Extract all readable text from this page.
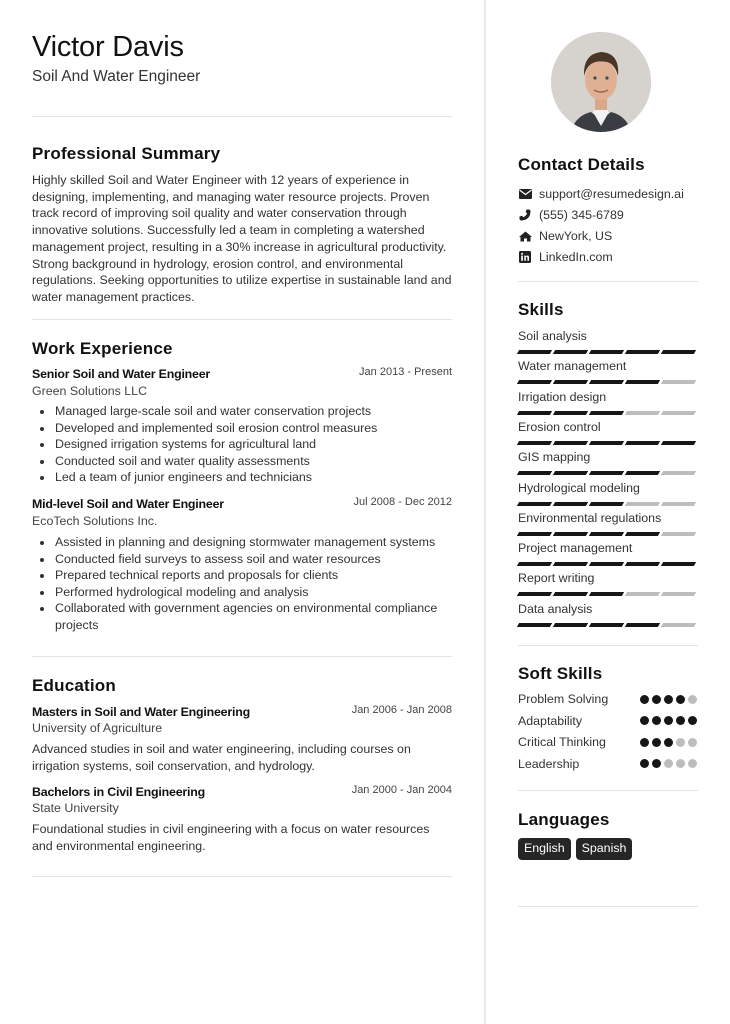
Victor Davis
Soil And Water Engineer
Professional Summary

Highly skilled Soil and Water Engineer with 12 years of experience in designing, implementing, and managing water resource projects. Proven track record of improving soil quality and water conservation through innovative solutions. Successfully led a team in completing a watershed management project, resulting in a 30% increase in agricultural productivity. Strong background in hydrology, erosion control, and environmental regulations. Seeking opportunities to utilize expertise in sustainable land and water management practices.

Work Experience
Senior Soil and Water Engineer	Jan 2013 - Present
Green Solutions LLC
Managed large-scale soil and water conservation projects
Developed and implemented soil erosion control measures
Designed irrigation systems for agricultural land
Conducted soil and water quality assessments
Led a team of junior engineers and technicians
Mid-level Soil and Water Engineer	Jul 2008 - Dec 2012
EcoTech Solutions Inc.
Assisted in planning and designing stormwater management systems
Conducted field surveys to assess soil and water resources
Prepared technical reports and proposals for clients
Performed hydrological modeling and analysis
Collaborated with government agencies on environmental compliance projects
Education
Masters in Soil and Water Engineering	Jan 2006 - Jan 2008
University of Agriculture

Advanced studies in soil and water engineering, including courses on irrigation systems, soil conservation, and hydrology.

Bachelors in Civil Engineering	Jan 2000 - Jan 2004
State University

Foundational studies in civil engineering with a focus on water resources and environmental engineering.

Contact Details
support@resumedesign.ai
(555) 345-6789
NewYork, US
LinkedIn.com
Skills
Soil analysis
Water management
Irrigation design
Erosion control
GIS mapping
Hydrological modeling
Environmental regulations
Project management
Report writing
Data analysis
Soft Skills
Problem Solving
Adaptability
Critical Thinking
Leadership
Languages
English	Spanish
